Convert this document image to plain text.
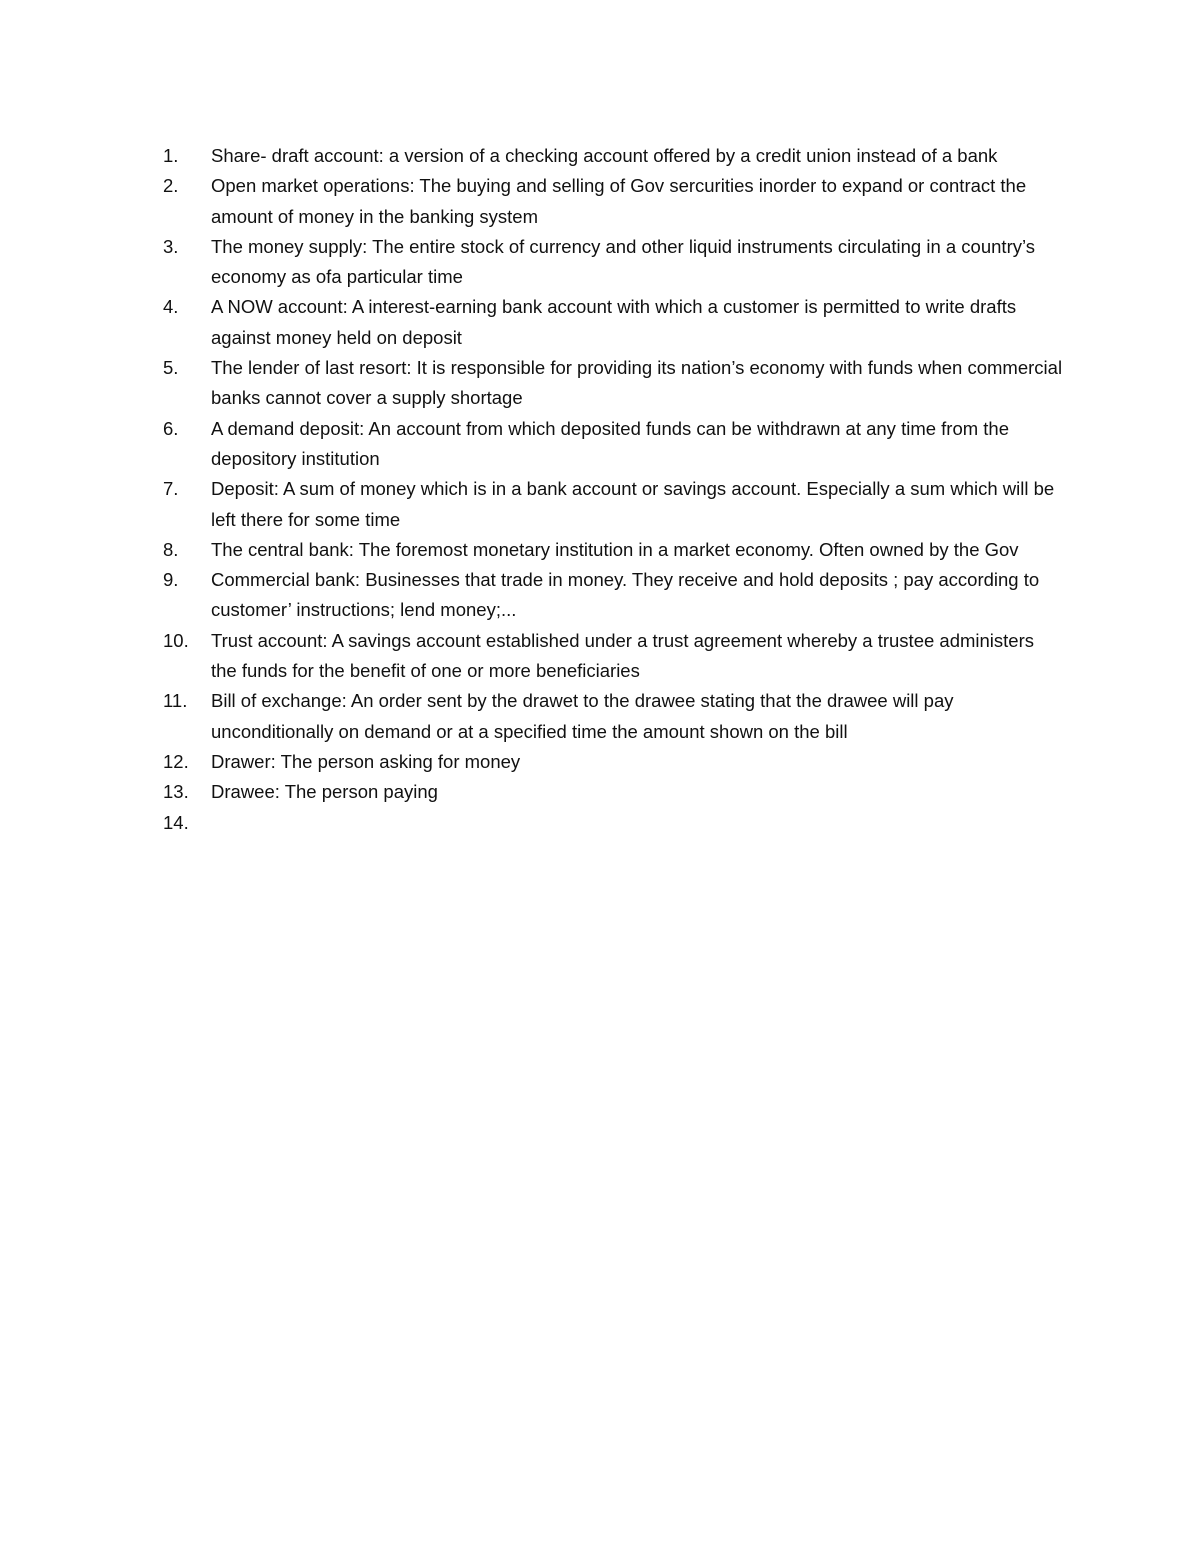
1.	Share- draft account: a version of a checking account offered by a credit union instead of a bank
2.	Open market operations: The buying and selling of Gov sercurities inorder to expand or contract the amount of money in the banking system
3.	The money supply: The entire stock of currency and other liquid instruments circulating in a country’s economy as ofa particular time
4.	A NOW account: A interest-earning bank account with which a customer is permitted to write drafts against money held on deposit
5.	The lender of last resort: It is responsible for providing its nation’s economy with funds when commercial banks cannot cover a supply shortage
6.	A demand deposit: An account from which deposited funds can be withdrawn at any time from the depository institution
7.	Deposit: A sum of money which is in a bank account or savings account. Especially a sum which will be left there for some time
8.	The central bank: The foremost monetary institution in a market economy. Often owned by the Gov
9.	Commercial bank: Businesses that trade in money. They receive and hold deposits ; pay according to customer’ instructions; lend money;...
10.	Trust account: A savings account established under a trust agreement whereby a trustee administers the funds for the benefit of one or more beneficiaries
11.	Bill of exchange: An order sent by the drawet to the drawee stating that the drawee will pay unconditionally on demand or at a specified time the amount shown on the bill
12.	Drawer: The person asking for money
13.	Drawee: The person paying
14.
